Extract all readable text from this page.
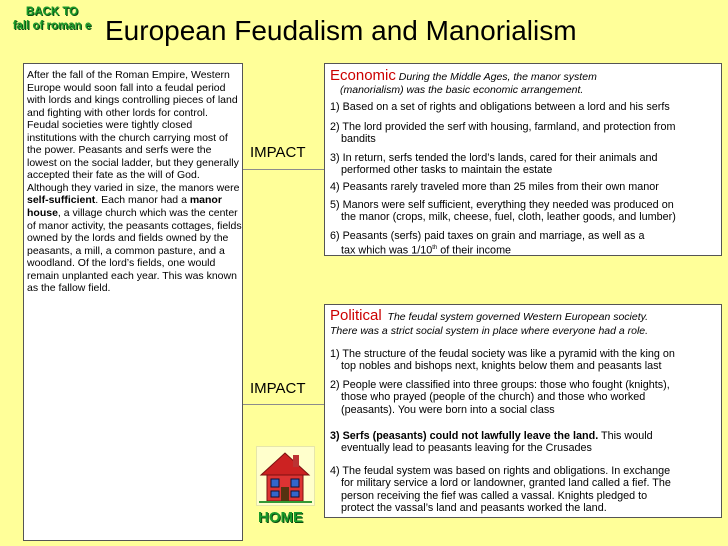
BACK TO
fall of roman e European Feudalism and Manorialism

After the fall of the Roman Empire, Western Europe would soon fall into a feudal period with lords and kings controlling pieces of land and fighting with other lords for control. Feudal societies were tightly closed institutions with the church carrying most of the power. Peasants and serfs were the lowest on the social ladder, but they generally accepted their fate as the will of God. Although they varied in size, the manors were self-sufficient. Each manor had a manor house, a village church which was the center of manor activity, the peasants cottages, fields owned by the lords and fields owned by the peasants, a mill, a common pasture, and a woodland. Of the lord’s fields, one would remain unplanted each year. This was known as the fallow field.

IMPACT
IMPACT
Economic During the Middle Ages, the manor system
(manorialism) was the basic economic arrangement.
1) Based on a set of rights and obligations between a lord and his serfs
2) The lord provided the serf with housing, farmland, and protection from
bandits
3) In return, serfs tended the lord’s lands, cared for their animals and
performed other tasks to maintain the estate
4) Peasants rarely traveled more than 25 miles from their own manor
5) Manors were self sufficient, everything they needed was produced on
the manor (crops, milk, cheese, fuel, cloth, leather goods, and lumber)
6) Peasants (serfs) paid taxes on grain and marriage, as well as a
tax which was 1/10th of their income
Political The feudal system governed Western European society.
There was a strict social system in place where everyone had a role.
1) The structure of the feudal society was like a pyramid with the king on
top nobles and bishops next, knights below them and peasants last
2) People were classified into three groups: those who fought (knights),
those who prayed (people of the church) and those who worked
(peasants). You were born into a social class
3) Serfs (peasants) could not lawfully leave the land. This would
eventually lead to peasants leaving for the Crusades
4) The feudal system was based on rights and obligations. In exchange
for military service a lord or landowner, granted land called a fief. The
person receiving the fief was called a vassal. Knights pledged to
protect the vassal’s land and peasants worked the land.
HOME
